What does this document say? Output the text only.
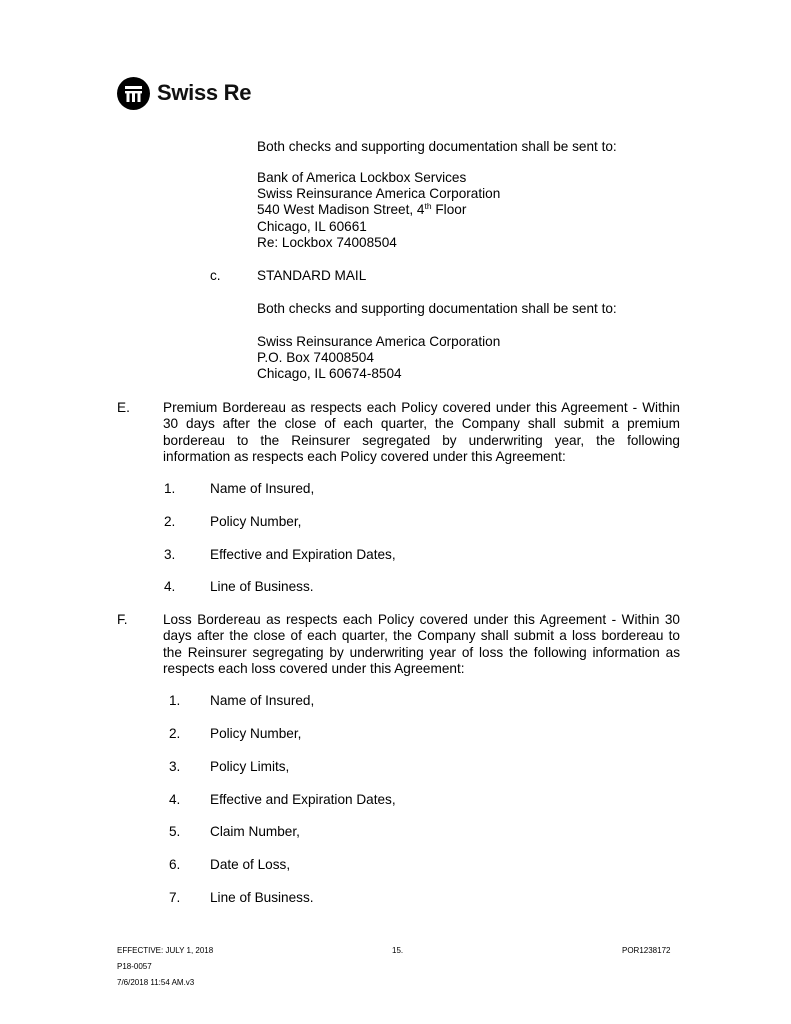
Swiss Re
Both checks and supporting documentation shall be sent to:
Bank of America Lockbox Services
Swiss Reinsurance America Corporation
540 West Madison Street, 4th Floor
Chicago, IL 60661
Re: Lockbox 74008504
c.	STANDARD MAIL
Both checks and supporting documentation shall be sent to:
Swiss Reinsurance America Corporation
P.O. Box 74008504
Chicago, IL 60674-8504
E. Premium Bordereau as respects each Policy covered under this Agreement - Within
30 days after the close of each quarter, the Company shall submit a premium
bordereau to the Reinsurer segregated by underwriting year, the following
information as respects each Policy covered under this Agreement:
1.	Name of Insured,
2.	Policy Number,
3.	Effective and Expiration Dates,
4.	Line of Business.
F.	Loss Bordereau as respects each Policy covered under this Agreement - Within 30
days after the close of each quarter, the Company shall submit a loss bordereau to
the Reinsurer segregating by underwriting year of loss the following information as
respects each loss covered under this Agreement:
1. Name of Insured,
2. Policy Number,
3. Policy Limits,
4. Effective and Expiration Dates,
5. Claim Number,
6. Date of Loss,
7. Line of Business.
EFFECTIVE: JULY 1, 2018	15.	POR1238172
P18-0057
7/6/2018 11:54 AM.v3
